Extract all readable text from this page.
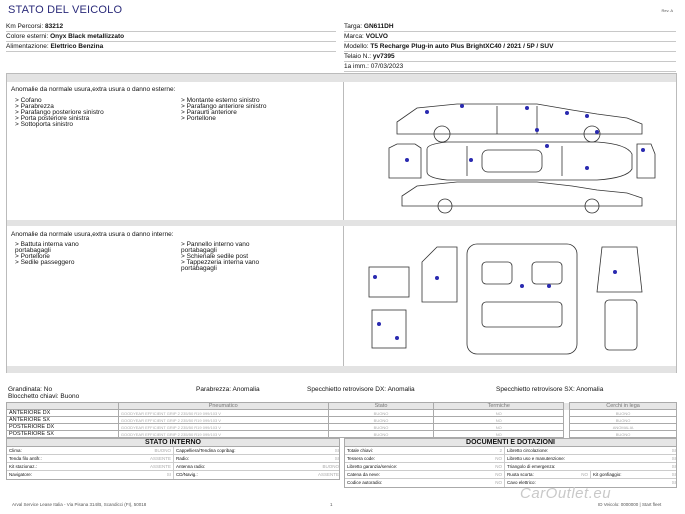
STATO DEL VEICOLO	Rev. A
Km Percorsi: 83212
Colore esterni: Onyx Black metallizzato
Alimentazione: Elettrico Benzina
Targa: GN611DH
Marca: VOLVO
Modello: T5 Recharge Plug-in auto Plus BrightXC40 / 2021 / 5P / SUV
Telaio N.: yv7395
1a imm.: 07/03/2023
Anomalie da normale usura,extra usura o danno esterne:
> Cofano
> Parabrezza
> Parafango posteriore sinistro
> Porta posteriore sinistra
> Sottoporta sinistro
> Montante esterno sinistro
> Parafango anteriore sinistro
> Paraurti anteriore
> Portellone
Anomalie da normale usura,extra usura o danno interne:
> Battuta interna vano
portabagagli
> Portellone
> Sedile passeggero
> Pannello interno vano
portabagagli
> Schienale sedile post
> Tappezzeria interna vano
portabagagli
Grandinata: No
Blocchetto chiavi: Buono
Parabrezza: Anomalia	Specchietto retrovisore DX: Anomalia	Specchietto retrovisore SX: Anomalia
	Pneumatico	Stato	Termiche		Cerchi in lega
ANTERIORE DX	GOODYEAR EFFICIENT GRIP 2 235/50 R19 099/103 V	BUONO	NO		BUONO
ANTERIORE SX	GOODYEAR EFFICIENT GRIP 2 235/50 R19 099/103 V	BUONO	NO		BUONO
POSTERIORE DX	GOODYEAR EFFICIENT GRIP 2 235/50 R19 099/103 V	BUONO	NO		ANOMALIA
POSTERIORE SX	GOODYEAR EFFICIENT GRIP 2 235/50 R19 099/103 V	BUONO	NO		BUONO
STATO INTERNO
Clima:	BUONO	Cappelliera/Tendina copribag:	SI
Tenda filo antifr.:	ASSENTE	Radio:	SI
Kit stazionaz.:	ASSENTE	Antenna radio:	BUONO
Navigatore:	SI	CD/Navig.:	ASSENTE
DOCUMENTI E DOTAZIONI
Totale chiavi:	2	Libretto circolazione:	SI
Tessera code:	NO	Libretto uso e manutenzione:	SI
Libretto garanzia/service:	NO	Triangolo di emergenza:	SI
Catena da neve:	NO	Ruota scorta:	NO	Kit gonfiaggio:	SI
Codice autoradio:	NO	Cavo elettrico:	SI
Arval Service Lease Italia - Via Pisana 314/B, Scandicci (FI), 50018	1	ID Veicolo: 0000000 | Start fleet
CarOutlet.eu
